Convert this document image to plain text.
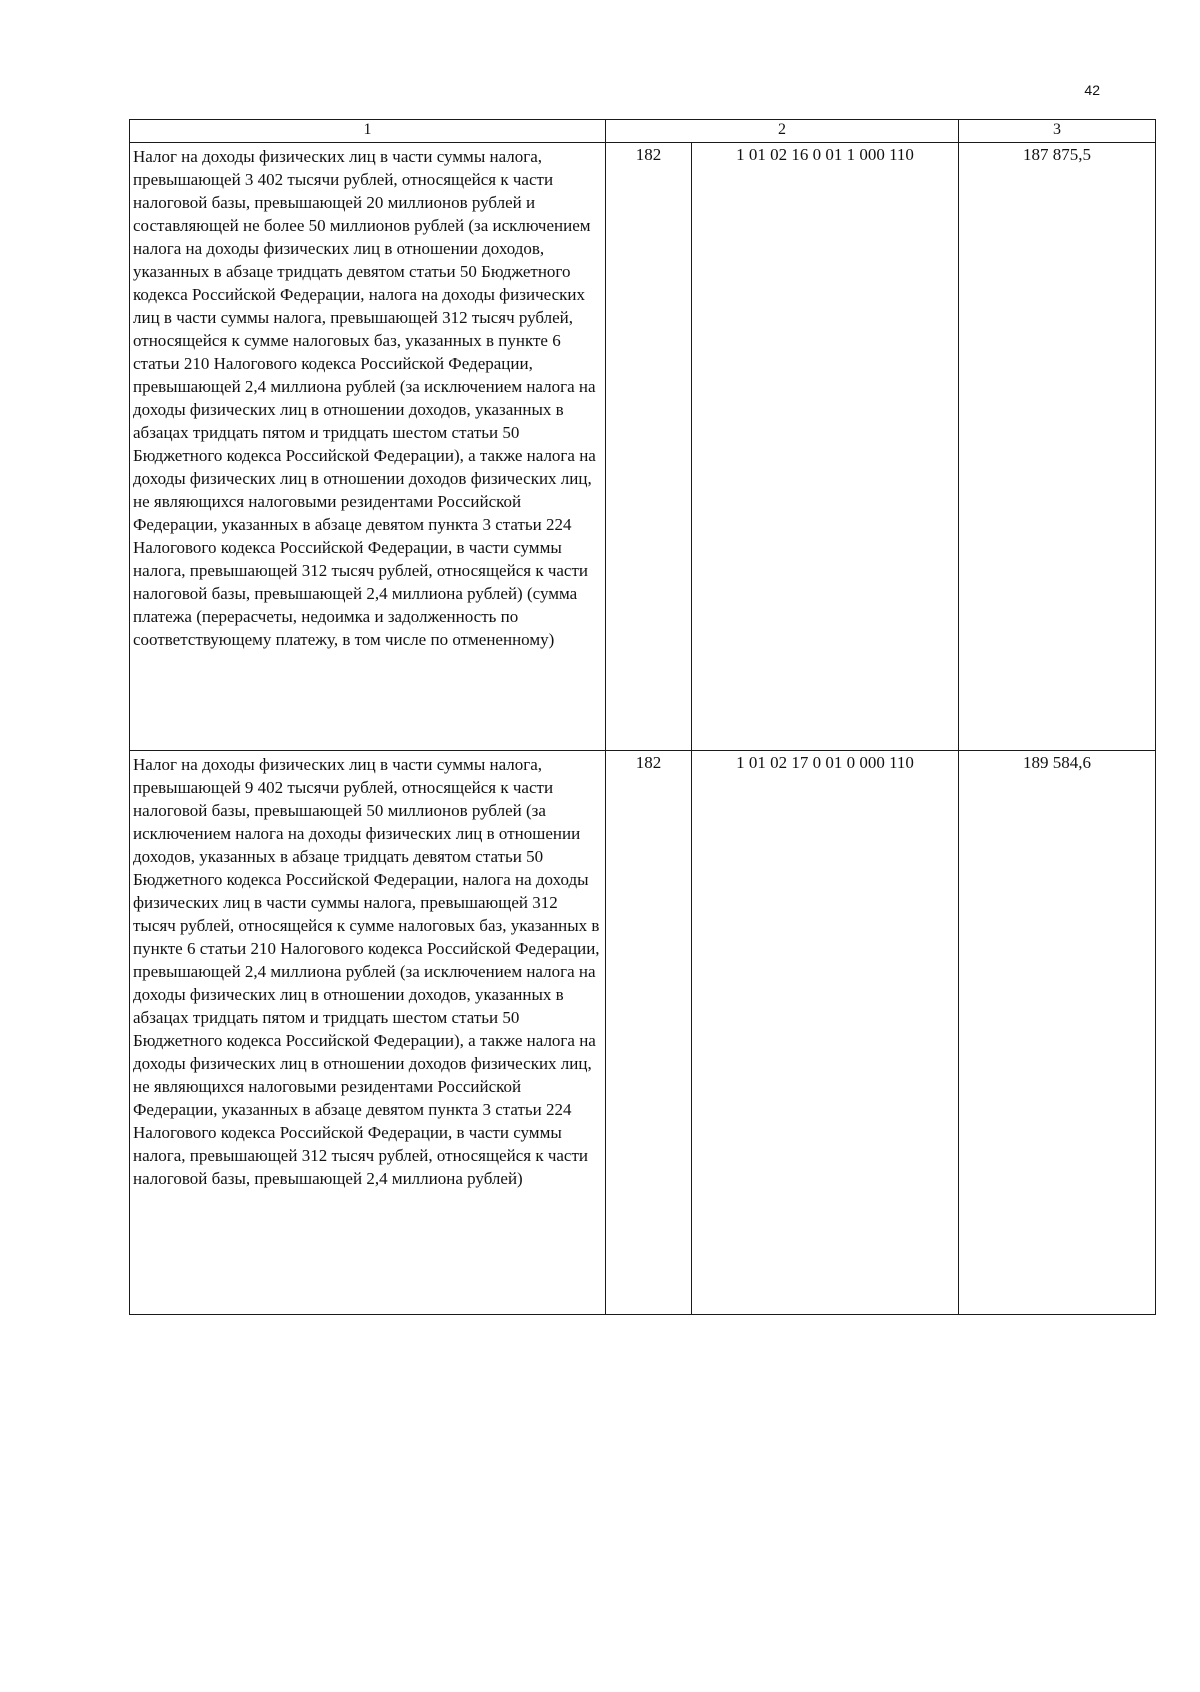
42
1	2		3

Налог на доходы физических лиц в части суммы налога, превышающей 3 402 тысячи рублей, относящейся к части налоговой базы, превышающей 20 миллионов рублей и составляющей не более 50 миллионов рублей (за исключением налога на доходы физических лиц в отношении доходов, указанных в абзаце тридцать девятом статьи 50 Бюджетного кодекса Российской Федерации, налога на доходы физических лиц в части суммы налога, превышающей 312 тысяч рублей, относящейся к сумме налоговых баз, указанных в пункте 6 статьи 210 Налогового кодекса Российской Федерации, превышающей 2,4 миллиона рублей (за исключением налога на доходы физических лиц в отношении доходов, указанных в абзацах тридцать пятом и тридцать шестом статьи 50 Бюджетного кодекса Российской Федерации), а также налога на доходы физических лиц в отношении доходов физических лиц, не являющихся налоговыми резидентами Российской Федерации, указанных в абзаце девятом пункта 3 статьи 224 Налогового кодекса Российской Федерации, в части суммы налога, превышающей 312 тысяч рублей, относящейся к части налоговой базы, превышающей 2,4 миллиона рублей) (сумма платежа (перерасчеты, недоимка и задолженность по соответствующему платежу, в том числе по отмененному)	182	1 01 02 16 0 01 1 000 110	187 875,5

Налог на доходы физических лиц в части суммы налога, превышающей 9 402 тысячи рублей, относящейся к части налоговой базы, превышающей 50 миллионов рублей (за исключением налога на доходы физических лиц в отношении доходов, указанных в абзаце тридцать девятом статьи 50 Бюджетного кодекса Российской Федерации, налога на доходы физических лиц в части суммы налога, превышающей 312 тысяч рублей, относящейся к сумме налоговых баз, указанных в пункте 6 статьи 210 Налогового кодекса Российской Федерации, превышающей 2,4 миллиона рублей (за исключением налога на доходы физических лиц в отношении доходов, указанных в абзацах тридцать пятом и тридцать шестом статьи 50 Бюджетного кодекса Российской Федерации), а также налога на доходы физических лиц в отношении доходов физических лиц, не являющихся налоговыми резидентами Российской Федерации, указанных в абзаце девятом пункта 3 статьи 224 Налогового кодекса Российской Федерации, в части суммы налога, превышающей 312 тысяч рублей, относящейся к части налоговой базы, превышающей 2,4 миллиона рублей)	182	1 01 02 17 0 01 0 000 110	189 584,6
